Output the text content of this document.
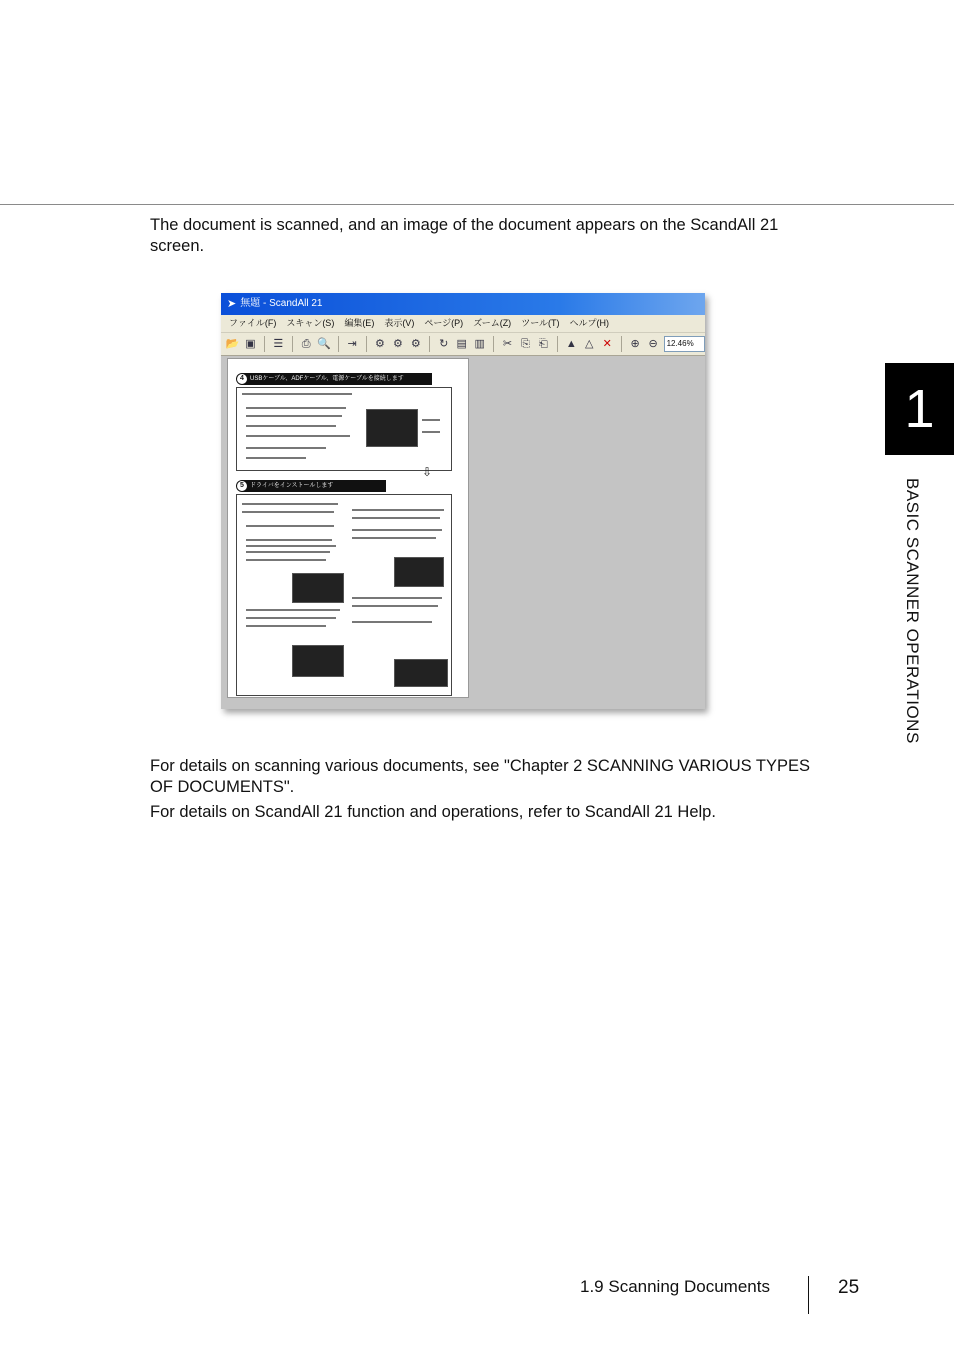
The document is scanned, and an image of the document appears on the ScandAll 21 screen.

➤ 無題 - ScandAll 21
ファイル(F)	スキャン(S)	編集(E)	表示(V)	ページ(P)	ズーム(Z)	ツール(T)	ヘルプ(H)
📂 ▣ ☰ ⎙ 🔍 ⇥ ⚙ ⚙ ⚙ ↻ ▤ ▥ ✂ ⎘ ⎗ ▲ △ ✕ ⊕ ⊖	12.46%
4	USBケーブル、ADFケーブル、電源ケーブルを接続します
⇩
5	ドライバをインストールします

For details on scanning various documents, see "Chapter 2 SCANNING VARIOUS TYPES OF DOCUMENTS".

For details on ScandAll 21 function and operations, refer to ScandAll 21 Help.

1
BASIC SCANNER OPERATIONS
1.9 Scanning Documents	25
